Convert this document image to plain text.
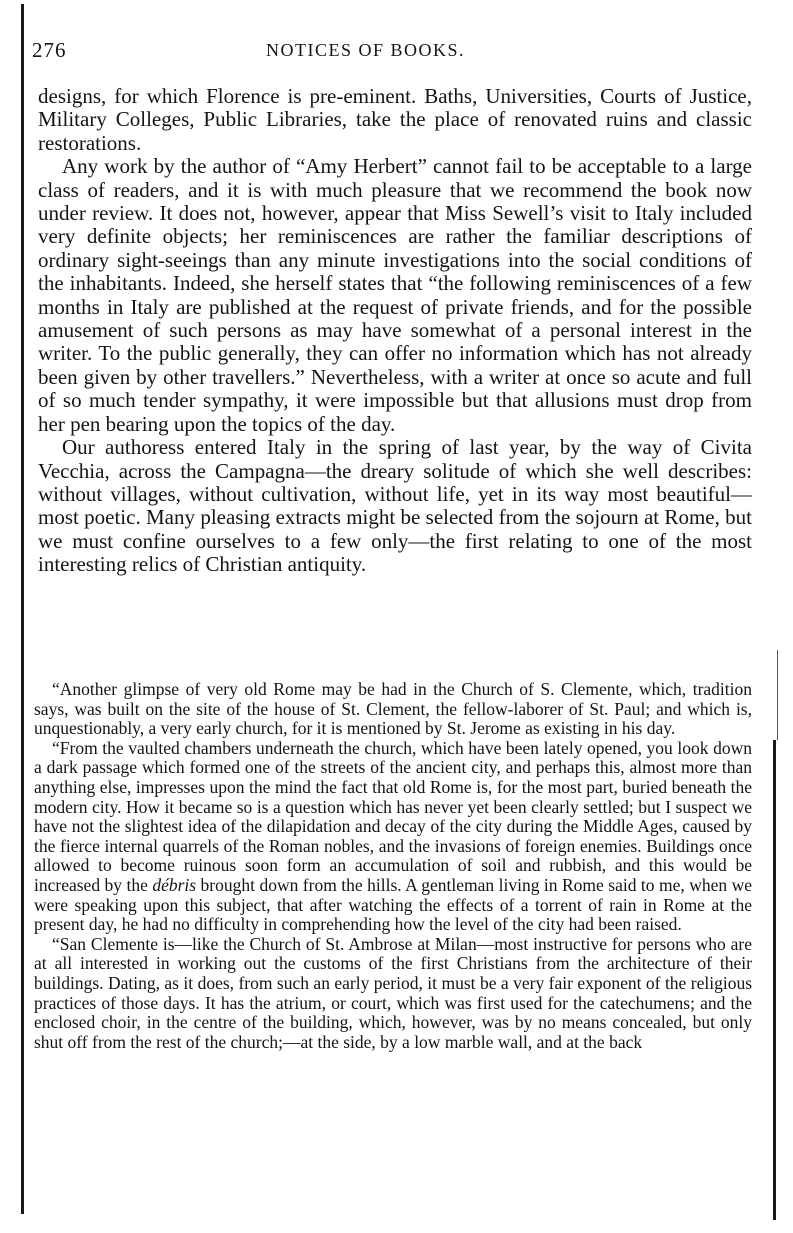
276	NOTICES OF BOOKS.

designs, for which Florence is pre-eminent. Baths, Universities, Courts of Justice, Military Colleges, Public Libraries, take the place of renovated ruins and classic restorations.

Any work by the author of “Amy Herbert” cannot fail to be acceptable to a large class of readers, and it is with much pleasure that we recommend the book now under review. It does not, however, appear that Miss Sewell’s visit to Italy included very definite objects; her reminiscences are rather the familiar descriptions of ordinary sight-seeings than any minute investigations into the social conditions of the inhabitants. Indeed, she herself states that “the following reminiscences of a few months in Italy are published at the request of private friends, and for the possible amusement of such persons as may have somewhat of a personal interest in the writer. To the public generally, they can offer no information which has not already been given by other travellers.” Nevertheless, with a writer at once so acute and full of so much tender sympathy, it were impossible but that allusions must drop from her pen bearing upon the topics of the day.

Our authoress entered Italy in the spring of last year, by the way of Civita Vecchia, across the Campagna—the dreary solitude of which she well describes: without villages, without cultivation, without life, yet in its way most beautiful—most poetic. Many pleasing extracts might be selected from the sojourn at Rome, but we must confine ourselves to a few only—the first relating to one of the most interesting relics of Christian antiquity.

“Another glimpse of very old Rome may be had in the Church of S. Clemente, which, tradition says, was built on the site of the house of St. Clement, the fellow-laborer of St. Paul; and which is, unquestionably, a very early church, for it is mentioned by St. Jerome as existing in his day.

“From the vaulted chambers underneath the church, which have been lately opened, you look down a dark passage which formed one of the streets of the ancient city, and perhaps this, almost more than anything else, impresses upon the mind the fact that old Rome is, for the most part, buried beneath the modern city. How it became so is a question which has never yet been clearly settled; but I suspect we have not the slightest idea of the dilapidation and decay of the city during the Middle Ages, caused by the fierce internal quarrels of the Roman nobles, and the invasions of foreign enemies. Buildings once allowed to become ruinous soon form an accumulation of soil and rubbish, and this would be increased by the débris brought down from the hills. A gentleman living in Rome said to me, when we were speaking upon this subject, that after watching the effects of a torrent of rain in Rome at the present day, he had no difficulty in comprehending how the level of the city had been raised.

“San Clemente is—like the Church of St. Ambrose at Milan—most instructive for persons who are at all interested in working out the customs of the first Christians from the architecture of their buildings. Dating, as it does, from such an early period, it must be a very fair exponent of the religious practices of those days. It has the atrium, or court, which was first used for the catechumens; and the enclosed choir, in the centre of the building, which, however, was by no means concealed, but only shut off from the rest of the church;—at the side, by a low marble wall, and at the back
